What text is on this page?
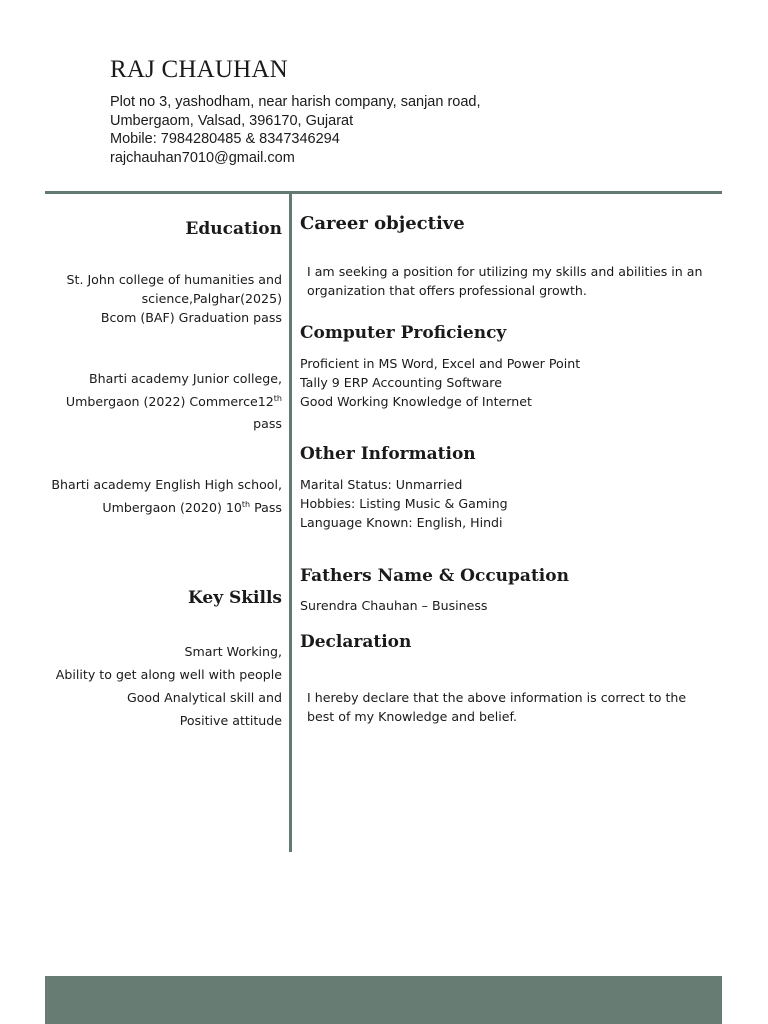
RAJ CHAUHAN

Plot no 3, yashodham, near harish company, sanjan road,

Umbergaom, Valsad, 396170, Gujarat

Mobile: 7984280485 & 8347346294

rajchauhan7010@gmail.com

Education

St. John college of humanities and

science,Palghar(2025)

Bcom (BAF) Graduation pass

Bharti academy Junior college,

Umbergaon (2022) Commerce12th

pass

Bharti academy English High school,

Umbergaon (2020) 10th Pass

Key Skills

Smart Working,

Ability to get along well with people

Good Analytical skill and

Positive attitude

Career objective

I am seeking a position for utilizing my skills and abilities in an organization that offers professional growth.

Computer Proficiency

Proficient in MS Word, Excel and Power Point

Tally 9 ERP Accounting Software

Good Working Knowledge of Internet

Other Information

Marital Status: Unmarried

Hobbies: Listing Music & Gaming

Language Known: English, Hindi

Fathers Name & Occupation

Surendra Chauhan – Business

Declaration

I hereby declare that the above information is correct to the best of my Knowledge and belief.
